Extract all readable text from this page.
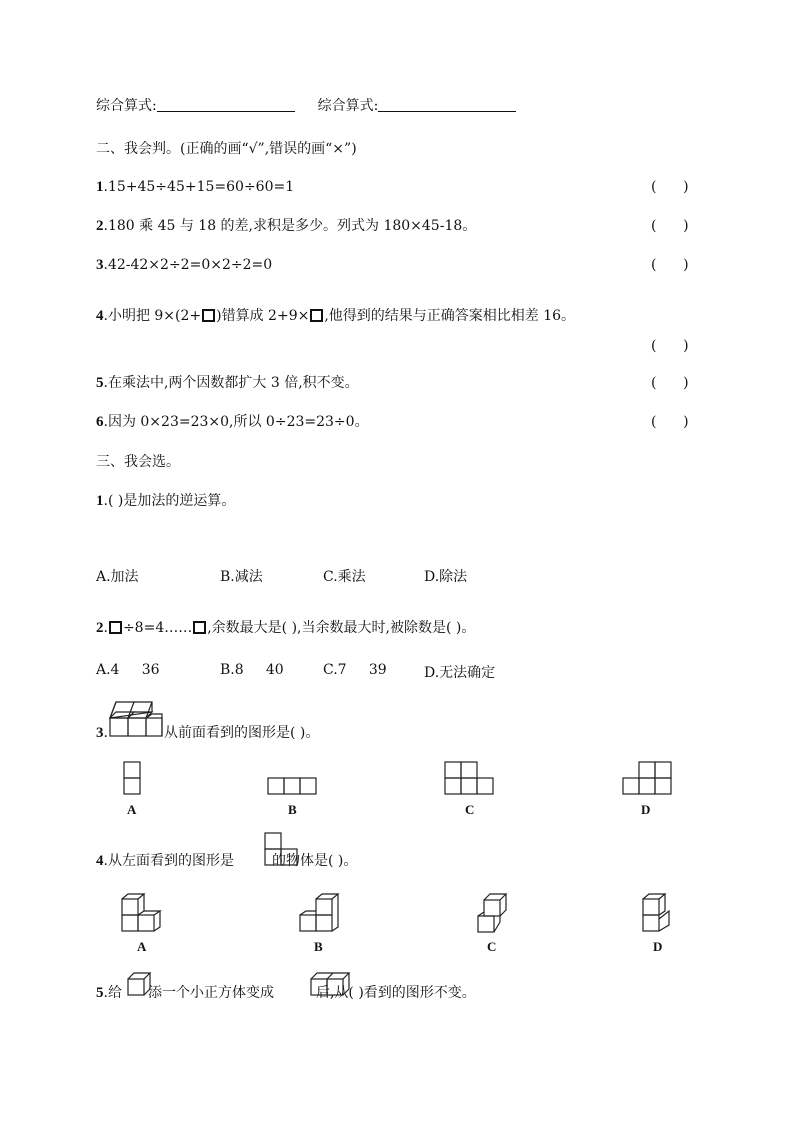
综合算式:	综合算式:
二、我会判。(正确的画“√”,错误的画“×”)
1.15+45÷45+15=60÷60=1	(      )
2.180 乘 45 与 18 的差,求积是多少。列式为 180×45-18。	(      )
3.42-42×2÷2=0×2÷2=0	(      )
4.小明把 9×(2+ )错算成 2+9× ,他得到的结果与正确答案相比相差 16。
(      )
5.在乘法中,两个因数都扩大 3 倍,积不变。	(      )
6.因为 0×23=23×0,所以 0÷23=23÷0。	(      )
三、我会选。
1.( )是加法的逆运算。
A.加法	B.减法	C.乘法	D.除法
2. ÷8=4…… ,余数最大是( ),当余数最大时,被除数是( )。
A.4     36	B.8     40	C.7     39	D.无法确定
3.	从前面看到的图形是( )。
A	B	C	D
4.从左面看到的图形是	的物体是( )。
A	B	C	D
5.给 添一个小正方体变成	后,从( )看到的图形不变。
